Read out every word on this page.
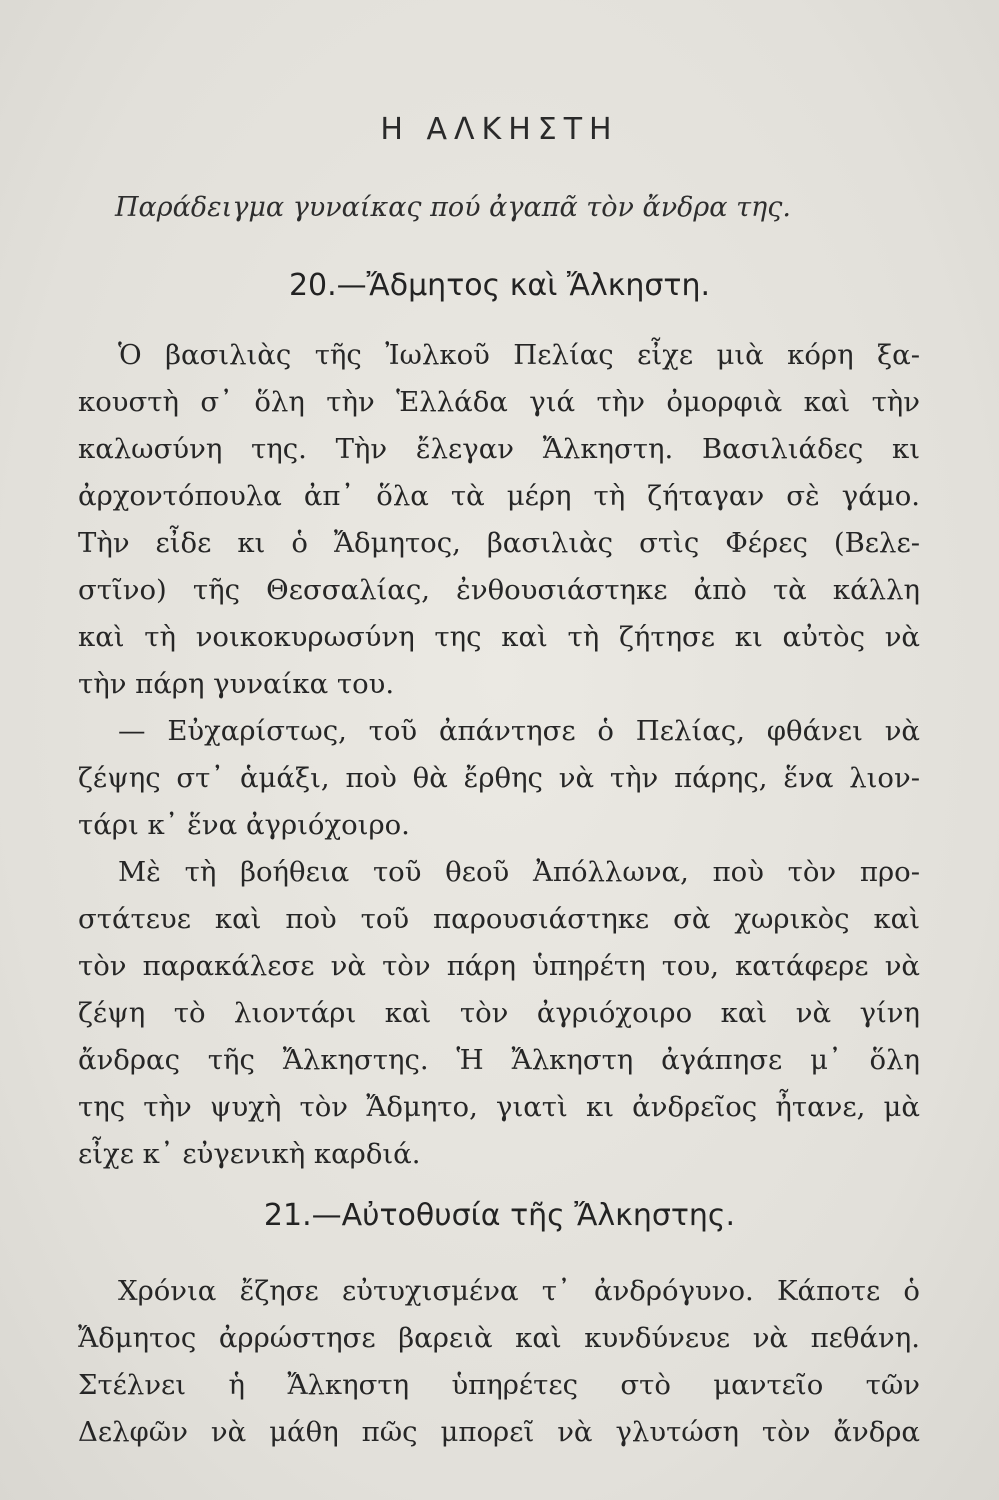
Η ΑΛΚΗΣΤΗ
Παράδειγμα γυναίκας πού ἀγαπᾶ τὸν ἄνδρα της.
20.—Ἄδμητος καὶ Ἄλκηστη.
Ὁ βασιλιὰς τῆς Ἰωλκοῦ Πελίας εἶχε μιὰ κόρη ξα-
κουστὴ σ᾽ ὅλη τὴν Ἑλλάδα γιά τὴν ὀμορφιὰ καὶ τὴν
καλωσύνη της. Τὴν ἔλεγαν Ἄλκηστη. Βασιλιάδες κι
ἀρχοντόπουλα ἀπ᾽ ὅλα τὰ μέρη τὴ ζήταγαν σὲ γάμο.
Τὴν εἶδε κι ὁ Ἄδμητος, βασιλιὰς στὶς Φέρες (Βελε-
στῖνο) τῆς Θεσσαλίας, ἐνθουσιάστηκε ἀπὸ τὰ κάλλη
καὶ τὴ νοικοκυρωσύνη της καὶ τὴ ζήτησε κι αὐτὸς νὰ
τὴν πάρη γυναίκα του.
— Εὐχαρίστως, τοῦ ἀπάντησε ὁ Πελίας, φθάνει νὰ
ζέψης στ᾽ ἁμάξι, ποὺ θὰ ἔρθης νὰ τὴν πάρης, ἕνα λιον-
τάρι κ᾽ ἕνα ἀγριόχοιρο.
Μὲ τὴ βοήθεια τοῦ θεοῦ Ἀπόλλωνα, ποὺ τὸν προ-
στάτευε καὶ ποὺ τοῦ παρουσιάστηκε σὰ χωρικὸς καὶ
τὸν παρακάλεσε νὰ τὸν πάρη ὑπηρέτη του, κατάφερε νὰ
ζέψη τὸ λιοντάρι καὶ τὸν ἀγριόχοιρο καὶ νὰ γίνη
ἄνδρας τῆς Ἄλκηστης. Ἡ Ἄλκηστη ἀγάπησε μ᾽ ὅλη
21.—Αὐτοθυσία τῆς Ἄλκηστης.
Χρόνια ἔζησε εὐτυχισμένα τ᾽ ἀνδρόγυνο. Κάποτε ὁ
Ἄδμητος ἀρρώστησε βαρειὰ καὶ κυνδύνευε νὰ πεθάνη.
Στέλνει ἡ Ἄλκηστη ὑπηρέτες στὸ μαντεῖο τῶν
Δελφῶν νὰ μάθη πῶς μπορεῖ νὰ γλυτώση τὸν ἄνδρα
της τὴν ψυχὴ τὸν Ἄδμητο, γιατὶ κι ἀνδρεῖος ἦτανε, μὰ
εἶχε κ᾽ εὐγενικὴ καρδιά.
